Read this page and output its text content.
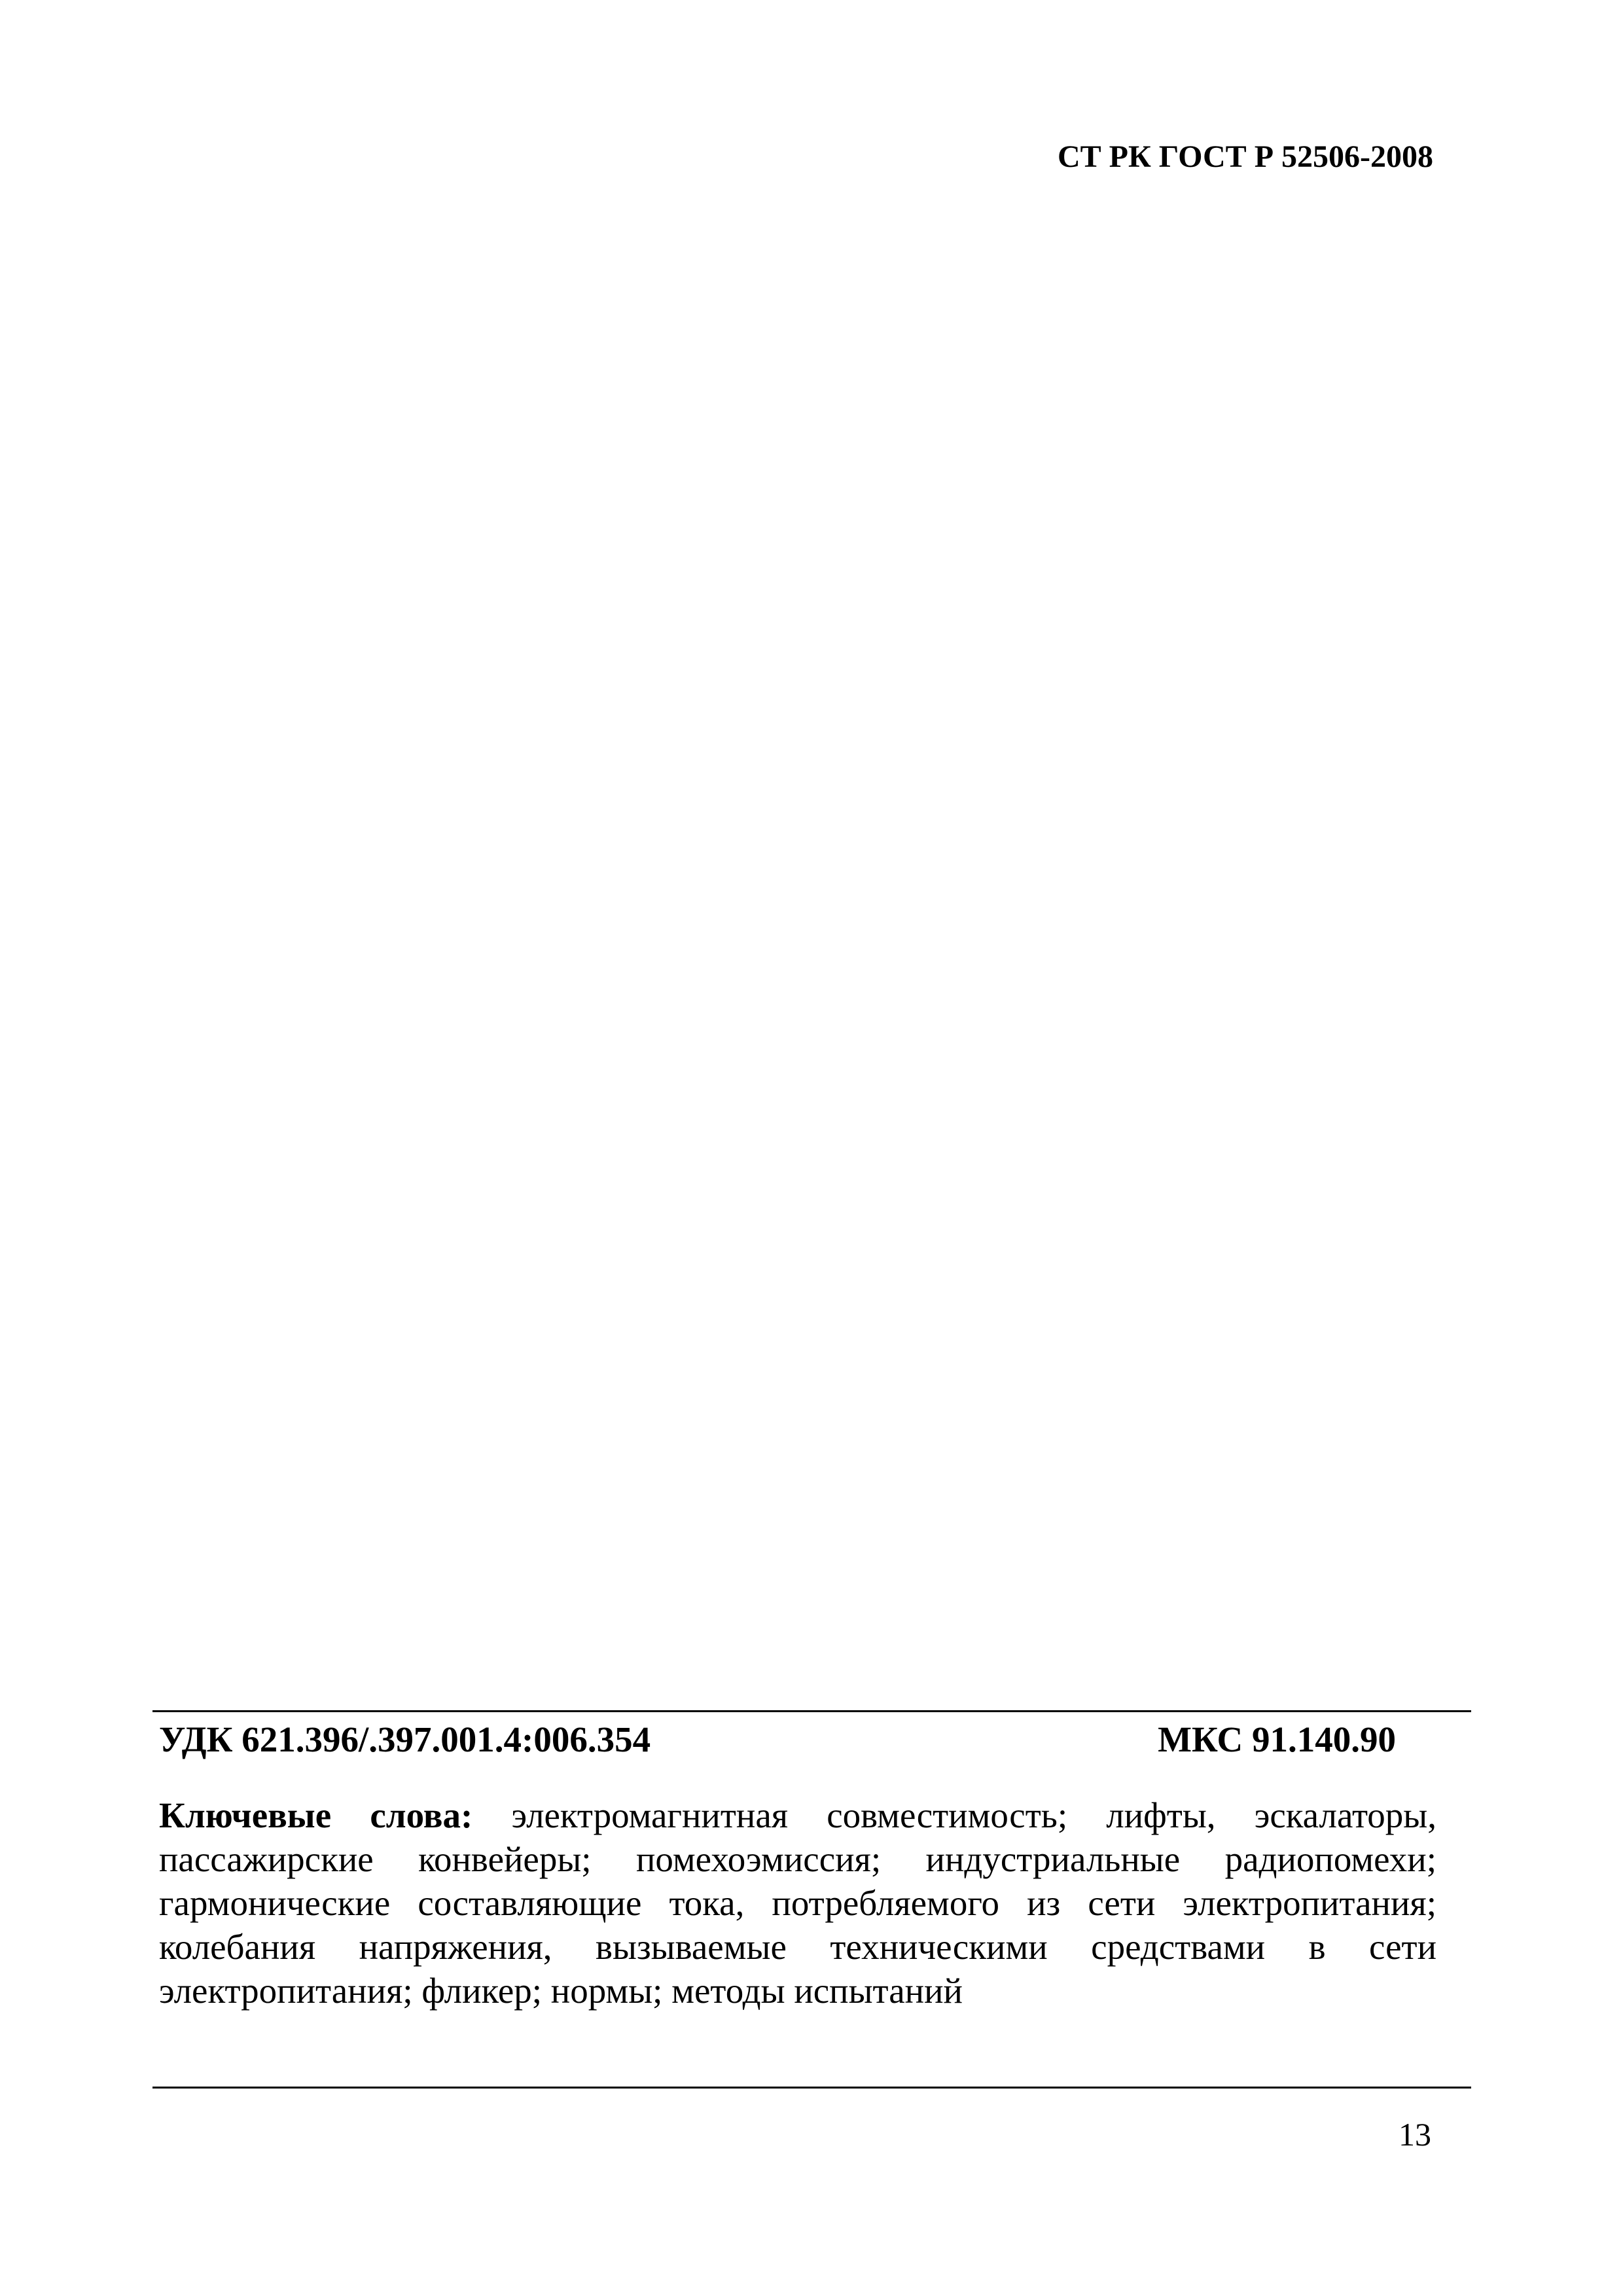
СТ РК ГОСТ Р 52506-2008
УДК 621.396/.397.001.4:006.354	МКС 91.140.90
Ключевые слова: электромагнитная совместимость; лифты, эскалаторы, пассажирские конвейеры; помехоэмиссия; индустриальные радиопомехи; гармонические составляющие тока, потребляемого из сети электропитания; колебания напряжения, вызываемые техническими средствами в сети электропитания; фликер; нормы; методы испытаний
13
